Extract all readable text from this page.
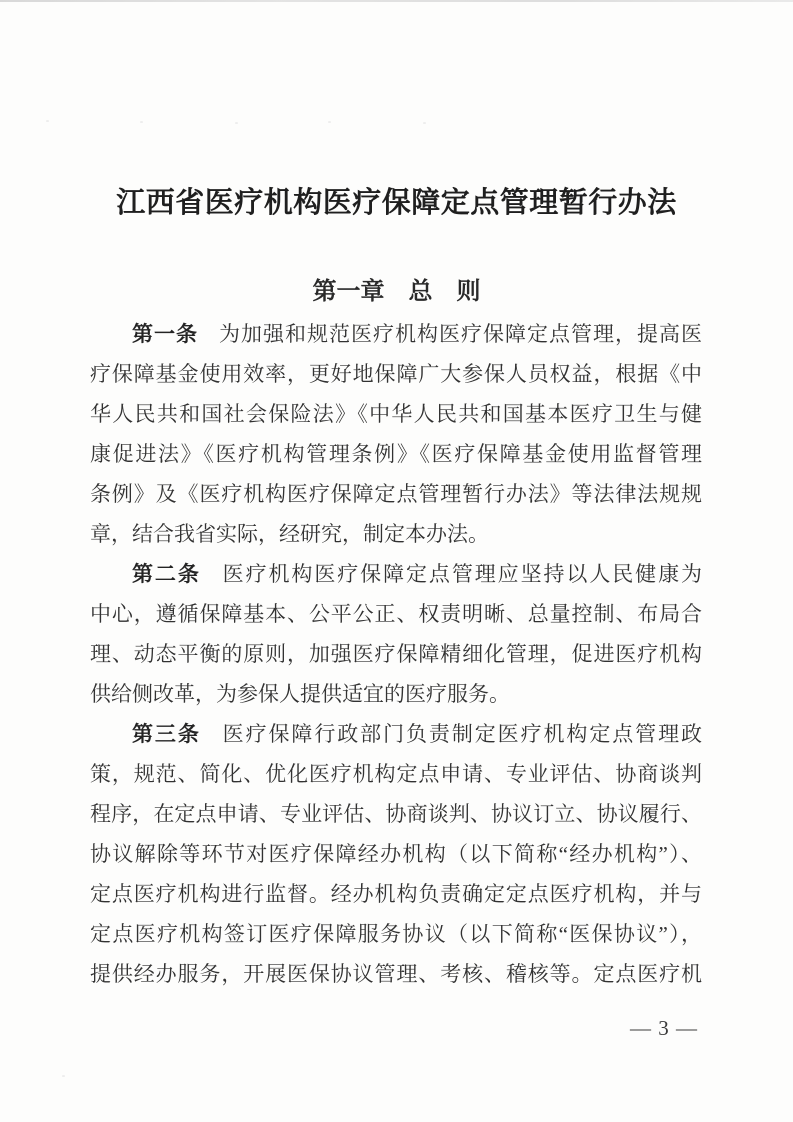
江西省医疗机构医疗保障定点管理暂行办法
第一章　总　则
第一条 为加强和规范医疗机构医疗保障定点管理，提高医
疗保障基金使用效率，更好地保障广大参保人员权益，根据《中
华人民共和国社会保险法》《中华人民共和国基本医疗卫生与健
康促进法》《医疗机构管理条例》《医疗保障基金使用监督管理
条例》及《医疗机构医疗保障定点管理暂行办法》等法律法规规
章，结合我省实际，经研究，制定本办法。
第二条 医疗机构医疗保障定点管理应坚持以人民健康为
中心，遵循保障基本、公平公正、权责明晰、总量控制、布局合
理、动态平衡的原则，加强医疗保障精细化管理，促进医疗机构
供给侧改革，为参保人提供适宜的医疗服务。
第三条 医疗保障行政部门负责制定医疗机构定点管理政
策，规范、简化、优化医疗机构定点申请、专业评估、协商谈判
程序，在定点申请、专业评估、协商谈判、协议订立、协议履行、
协议解除等环节对医疗保障经办机构（以下简称“经办机构”）、
定点医疗机构进行监督。经办机构负责确定定点医疗机构，并与
定点医疗机构签订医疗保障服务协议（以下简称“医保协议”），
提供经办服务，开展医保协议管理、考核、稽核等。定点医疗机
— 3 —
